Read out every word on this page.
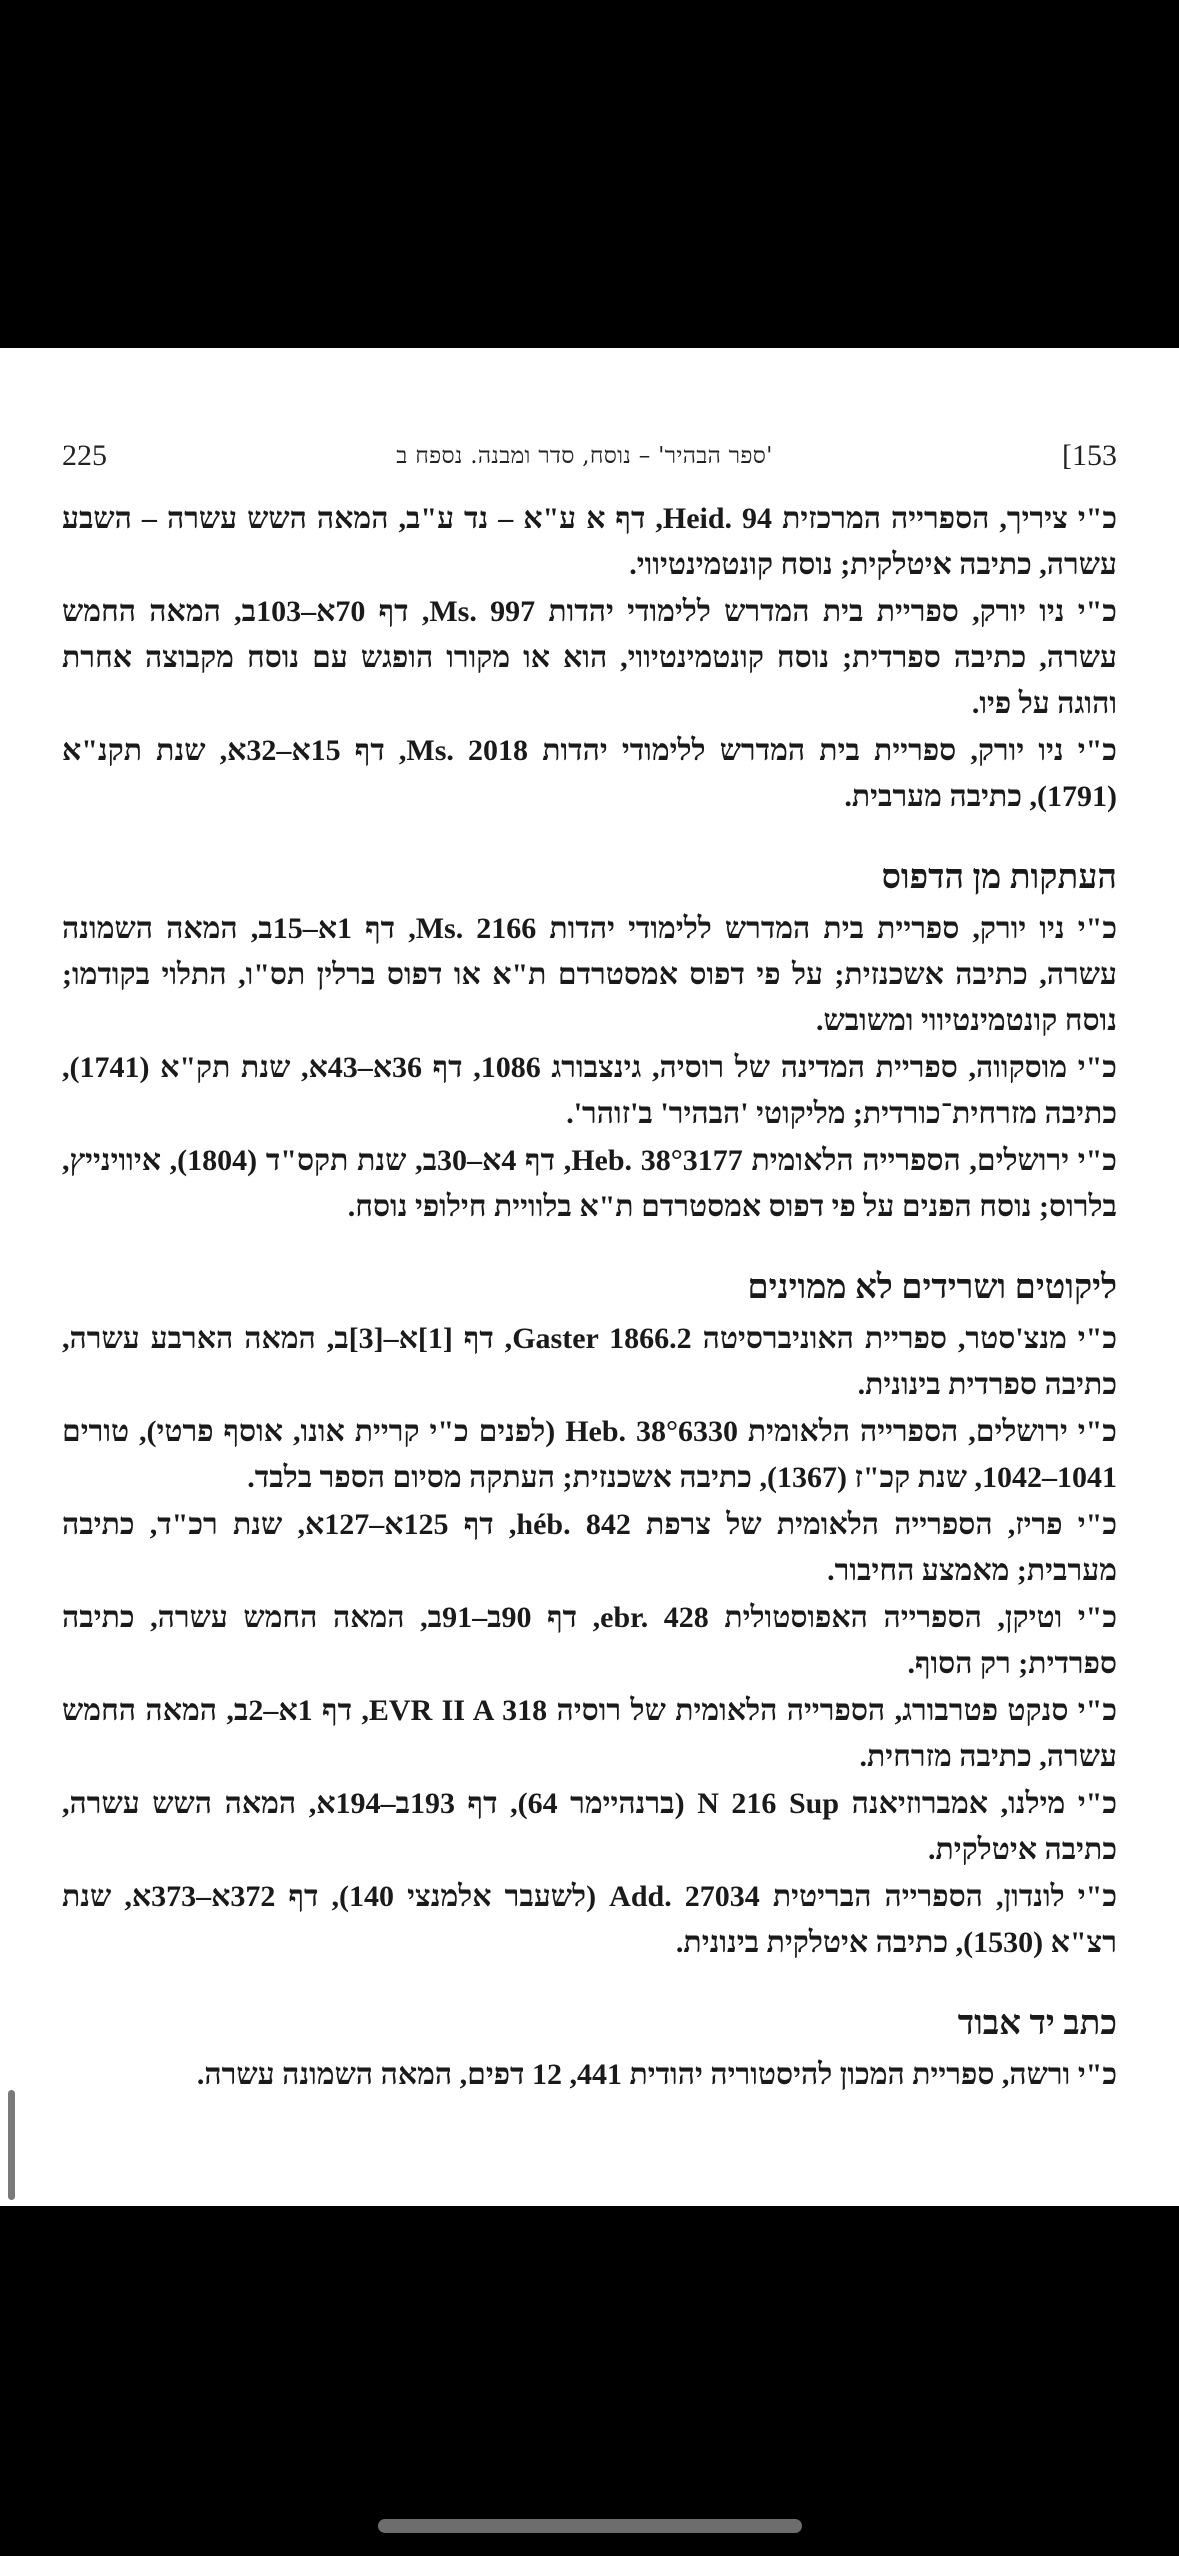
225	'ספר הבהיר' – נוסח, סדר ומבנה. נספח ב	[153

כ"י ציריך, הספרייה המרכזית Heid. 94, דף א ע"א – נד ע"ב, המאה השש עשרה – השבע עשרה, כתיבה איטלקית; נוסח קונטמינטיווי.

כ"י ניו יורק, ספריית בית המדרש ללימודי יהדות Ms. 997, דף 70א–103ב, המאה החמש עשרה, כתיבה ספרדית; נוסח קונטמינטיווי, הוא או מקורו הופגש עם נוסח מקבוצה אחרת והוגה על פיו.

כ"י ניו יורק, ספריית בית המדרש ללימודי יהדות Ms. 2018, דף 15א–32א, שנת תקנ"א (1791), כתיבה מערבית.

העתקות מן הדפוס

כ"י ניו יורק, ספריית בית המדרש ללימודי יהדות Ms. 2166, דף 1א–15ב, המאה השמונה עשרה, כתיבה אשכנזית; על פי דפוס אמסטרדם ת"א או דפוס ברלין תס"ו, התלוי בקודמו; נוסח קונטמינטיווי ומשובש.

כ"י מוסקווה, ספריית המדינה של רוסיה, גינצבורג 1086, דף 36א–43א, שנת תק"א (1741), כתיבה מזרחית־כורדית; מליקוטי 'הבהיר' ב'זוהר'.

כ"י ירושלים, הספרייה הלאומית Heb. 38°3177, דף 4א–30ב, שנת תקס"ד (1804), איווינייץ, בלרוס; נוסח הפנים על פי דפוס אמסטרדם ת"א בלוויית חילופי נוסח.

ליקוטים ושרידים לא ממוינים

כ"י מנצ'סטר, ספריית האוניברסיטה Gaster 1866.2, דף [1]א–[3]ב, המאה הארבע עשרה, כתיבה ספרדית בינונית.

כ"י ירושלים, הספרייה הלאומית Heb. 38°6330 (לפנים כ"י קריית אונו, אוסף פרטי), טורים 1041–1042, שנת קכ"ז (1367), כתיבה אשכנזית; העתקה מסיום הספר בלבד.

כ"י פריז, הספרייה הלאומית של צרפת héb. 842, דף 125א–127א, שנת רכ"ד, כתיבה מערבית; מאמצע החיבור.

כ"י וטיקן, הספרייה האפוסטולית ebr. 428, דף 90ב–91ב, המאה החמש עשרה, כתיבה ספרדית; רק הסוף.

כ"י סנקט פטרבורג, הספרייה הלאומית של רוסיה EVR II A 318, דף 1א–2ב, המאה החמש עשרה, כתיבה מזרחית.

כ"י מילנו, אמברוזיאנה N 216 Sup (ברנהיימר 64), דף 193ב–194א, המאה השש עשרה, כתיבה איטלקית.

כ"י לונדון, הספרייה הבריטית Add. 27034 (לשעבר אלמנצי 140), דף 372א–373א, שנת רצ"א (1530), כתיבה איטלקית בינונית.

כתב יד אבוד

כ"י ורשה, ספריית המכון להיסטוריה יהודית 441, 12 דפים, המאה השמונה עשרה.
